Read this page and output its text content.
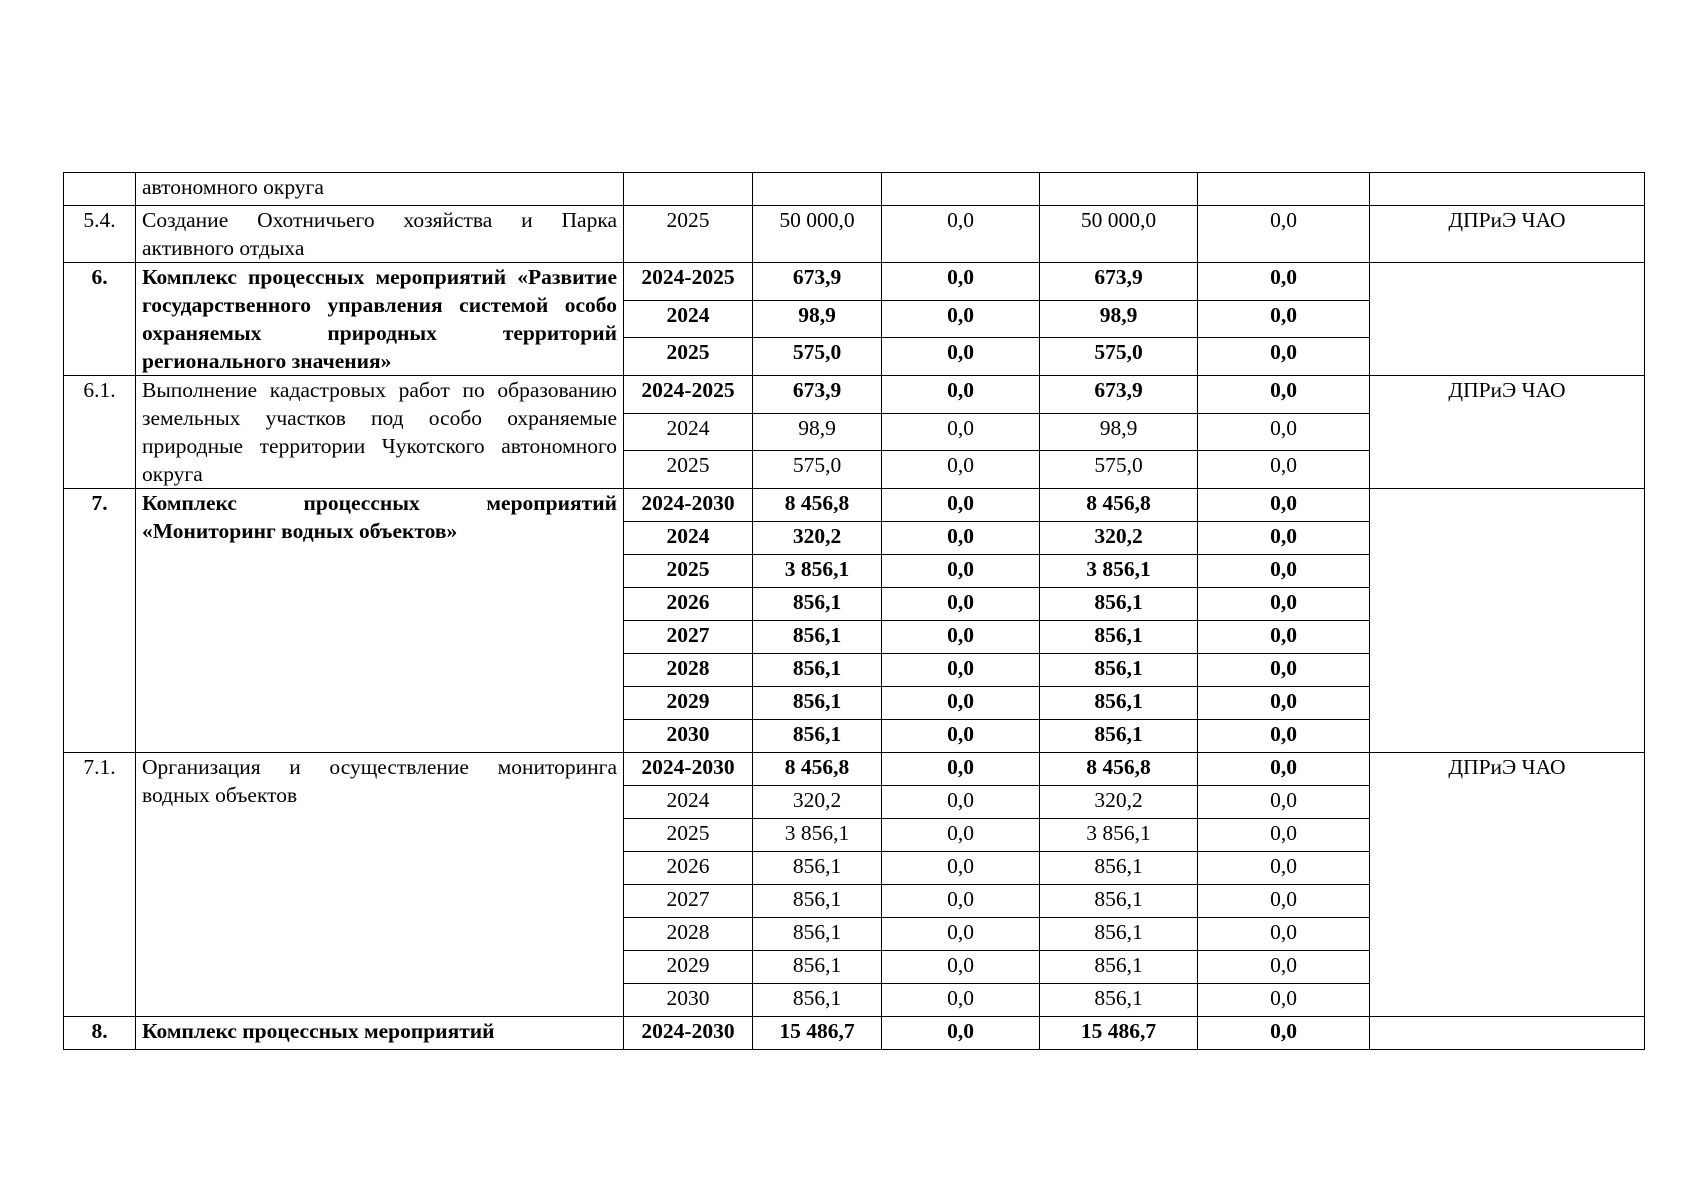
	автономного округа						
5.4.	Создание Охотничьего хозяйства и Парка активного отдыха	2025	50 000,0	0,0	50 000,0	0,0	ДПРиЭ ЧАО
6.	Комплекс процессных мероприятий «Развитие государственного управления системой особо охраняемых природных территорий регионального значения»	2024-2025	673,9	0,0	673,9	0,0	
		2024	98,9	0,0	98,9	0,0	
		2025	575,0	0,0	575,0	0,0	
6.1.	Выполнение кадастровых работ по образованию земельных участков под особо охраняемые природные территории Чукотского автономного округа	2024-2025	673,9	0,0	673,9	0,0	ДПРиЭ ЧАО
		2024	98,9	0,0	98,9	0,0	
		2025	575,0	0,0	575,0	0,0	
7.	Комплекс процессных мероприятий «Мониторинг водных объектов»	2024-2030	8 456,8	0,0	8 456,8	0,0	
		2024	320,2	0,0	320,2	0,0	
		2025	3 856,1	0,0	3 856,1	0,0	
		2026	856,1	0,0	856,1	0,0	
		2027	856,1	0,0	856,1	0,0	
		2028	856,1	0,0	856,1	0,0	
		2029	856,1	0,0	856,1	0,0	
		2030	856,1	0,0	856,1	0,0	
7.1.	Организация и осуществление мониторинга водных объектов	2024-2030	8 456,8	0,0	8 456,8	0,0	ДПРиЭ ЧАО
		2024	320,2	0,0	320,2	0,0	
		2025	3 856,1	0,0	3 856,1	0,0	
		2026	856,1	0,0	856,1	0,0	
		2027	856,1	0,0	856,1	0,0	
		2028	856,1	0,0	856,1	0,0	
		2029	856,1	0,0	856,1	0,0	
		2030	856,1	0,0	856,1	0,0	
8.	Комплекс процессных мероприятий	2024-2030	15 486,7	0,0	15 486,7	0,0	
